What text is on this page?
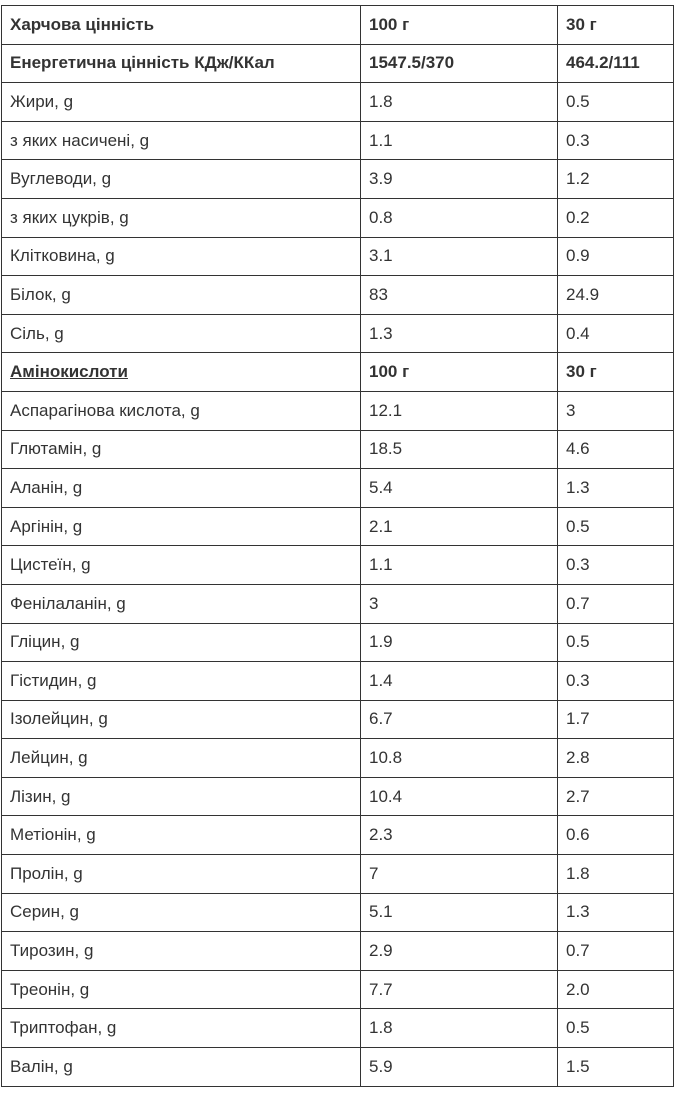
Харчова цінність	100 г	30 г
Енергетична цінність КДж/ККал	1547.5/370	464.2/111
Жири, g	1.8	0.5
з яких насичені, g	1.1	0.3
Вуглеводи, g	3.9	1.2
з яких цукрів, g	0.8	0.2
Клітковина, g	3.1	0.9
Білок, g	83	24.9
Сіль, g	1.3	0.4
Амінокислоти	100 г	30 г
Аспарагінова кислота, g	12.1	3
Глютамін, g	18.5	4.6
Аланін, g	5.4	1.3
Аргінін, g	2.1	0.5
Цистеїн, g	1.1	0.3
Фенілаланін, g	3	0.7
Гліцин, g	1.9	0.5
Гістидин, g	1.4	0.3
Ізолейцин, g	6.7	1.7
Лейцин, g	10.8	2.8
Лізин, g	10.4	2.7
Метіонін, g	2.3	0.6
Пролін, g	7	1.8
Серин, g	5.1	1.3
Тирозин, g	2.9	0.7
Треонін, g	7.7	2.0
Триптофан, g	1.8	0.5
Валін, g	5.9	1.5
